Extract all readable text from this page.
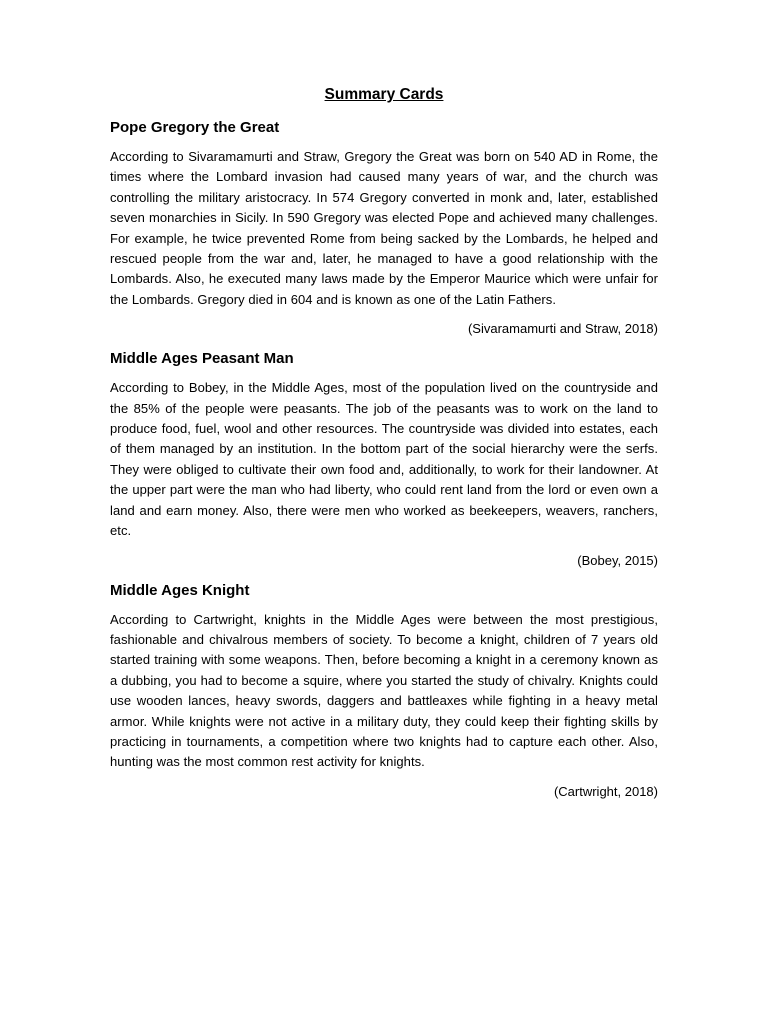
Summary Cards
Pope Gregory the Great
According to Sivaramamurti and Straw, Gregory the Great was born on 540 AD in Rome, the times where the Lombard invasion had caused many years of war, and the church was controlling the military aristocracy. In 574 Gregory converted in monk and, later, established seven monarchies in Sicily. In 590 Gregory was elected Pope and achieved many challenges. For example, he twice prevented Rome from being sacked by the Lombards, he helped and rescued people from the war and, later, he managed to have a good relationship with the Lombards. Also, he executed many laws made by the Emperor Maurice which were unfair for the Lombards. Gregory died in 604 and is known as one of the Latin Fathers.
(Sivaramamurti and Straw, 2018)
Middle Ages Peasant Man
According to Bobey, in the Middle Ages, most of the population lived on the countryside and the 85% of the people were peasants. The job of the peasants was to work on the land to produce food, fuel, wool and other resources. The countryside was divided into estates, each of them managed by an institution. In the bottom part of the social hierarchy were the serfs. They were obliged to cultivate their own food and, additionally, to work for their landowner. At the upper part were the man who had liberty, who could rent land from the lord or even own a land and earn money. Also, there were men who worked as beekeepers, weavers, ranchers, etc.
(Bobey, 2015)
Middle Ages Knight
According to Cartwright, knights in the Middle Ages were between the most prestigious, fashionable and chivalrous members of society. To become a knight, children of 7 years old started training with some weapons. Then, before becoming a knight in a ceremony known as a dubbing, you had to become a squire, where you started the study of chivalry. Knights could use wooden lances, heavy swords, daggers and battleaxes while fighting in a heavy metal armor. While knights were not active in a military duty, they could keep their fighting skills by practicing in tournaments, a competition where two knights had to capture each other. Also, hunting was the most common rest activity for knights.
(Cartwright, 2018)
